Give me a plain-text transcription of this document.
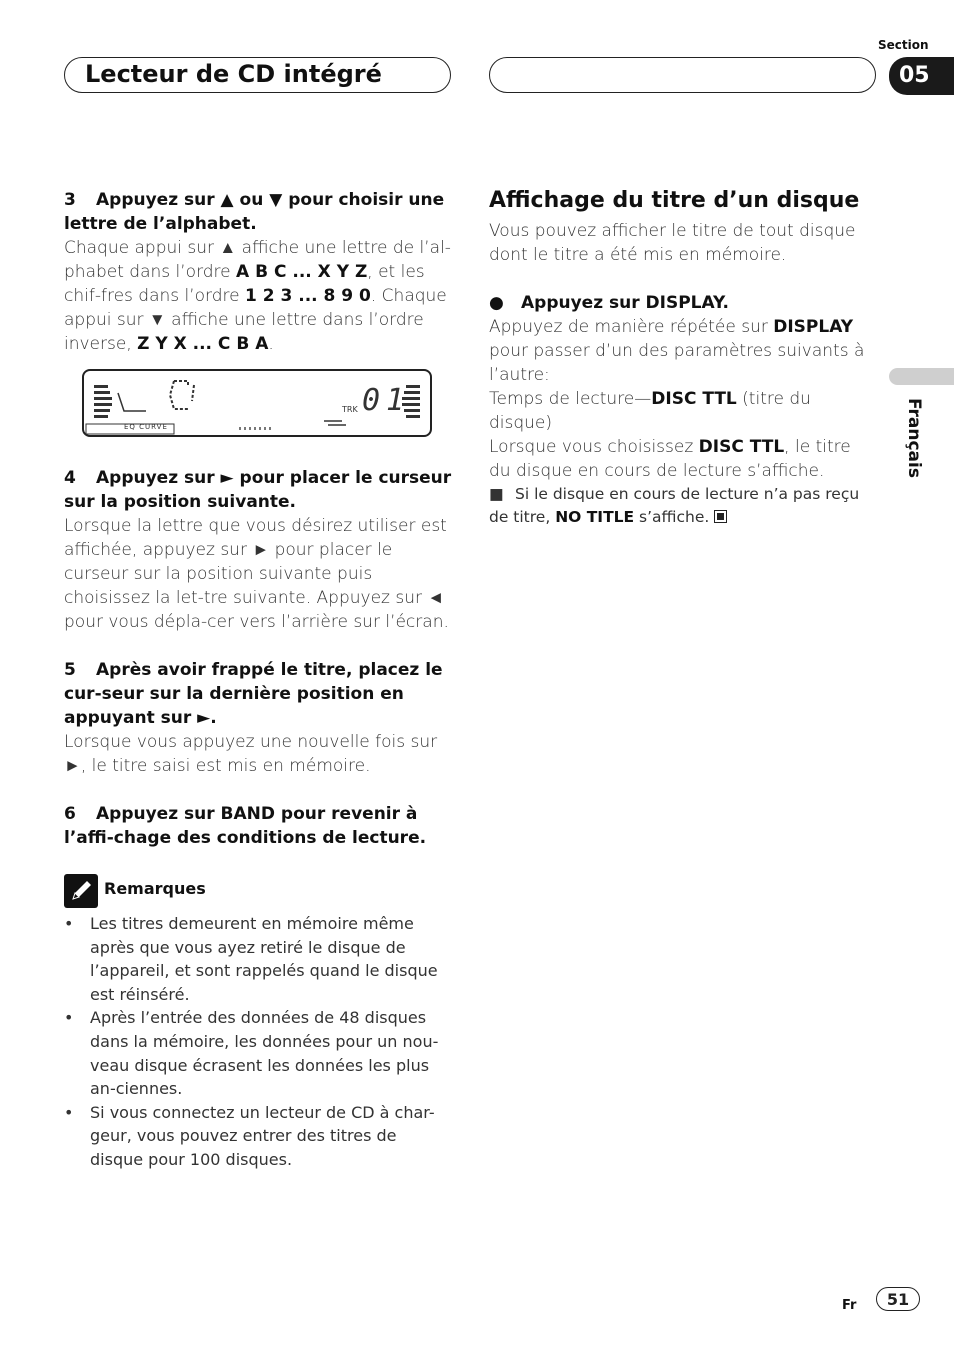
Lecteur de CD intégré
Section
05

3 Appuyez sur ▲ ou ▼ pour choisir une lettre de l’alphabet.

Chaque appui sur ▲ affiche une lettre de l’al-phabet dans l’ordre A B C ... X Y Z, et les chif-fres dans l’ordre 1 2 3 ... 8 9 0. Chaque appui sur ▼ affiche une lettre dans l’ordre inverse, Z Y X ... C B A.

TRK 01
EQ CURVE

4 Appuyez sur ► pour placer le curseur sur la position suivante.

Lorsque la lettre que vous désirez utiliser est affichée, appuyez sur ► pour placer le curseur sur la position suivante puis choisissez la let-tre suivante. Appuyez sur ◄ pour vous dépla-cer vers l’arrière sur l’écran.

5 Après avoir frappé le titre, placez le cur-seur sur la dernière position en appuyant sur ►.

Lorsque vous appuyez une nouvelle fois sur ►, le titre saisi est mis en mémoire.

6 Appuyez sur BAND pour revenir à l’affi-chage des conditions de lecture.

Remarques
• Les titres demeurent en mémoire même après que vous ayez retiré le disque de l’appareil, et sont rappelés quand le disque est réinséré.
• Après l’entrée des données de 48 disques dans la mémoire, les données pour un nou-veau disque écrasent les données les plus an-ciennes.
• Si vous connectez un lecteur de CD à char-geur, vous pouvez entrer des titres de disque pour 100 disques.

Affichage du titre d’un disque

Vous pouvez afficher le titre de tout disque dont le titre a été mis en mémoire.

● Appuyez sur DISPLAY.

Appuyez de manière répétée sur DISPLAY pour passer d’un des paramètres suivants à l’autre:

Temps de lecture—DISC TTL (titre du disque)

Lorsque vous choisissez DISC TTL, le titre du disque en cours de lecture s’affiche.

■ Si le disque en cours de lecture n’a pas reçu de titre, NO TITLE s’affiche.

Français
Fr	51
